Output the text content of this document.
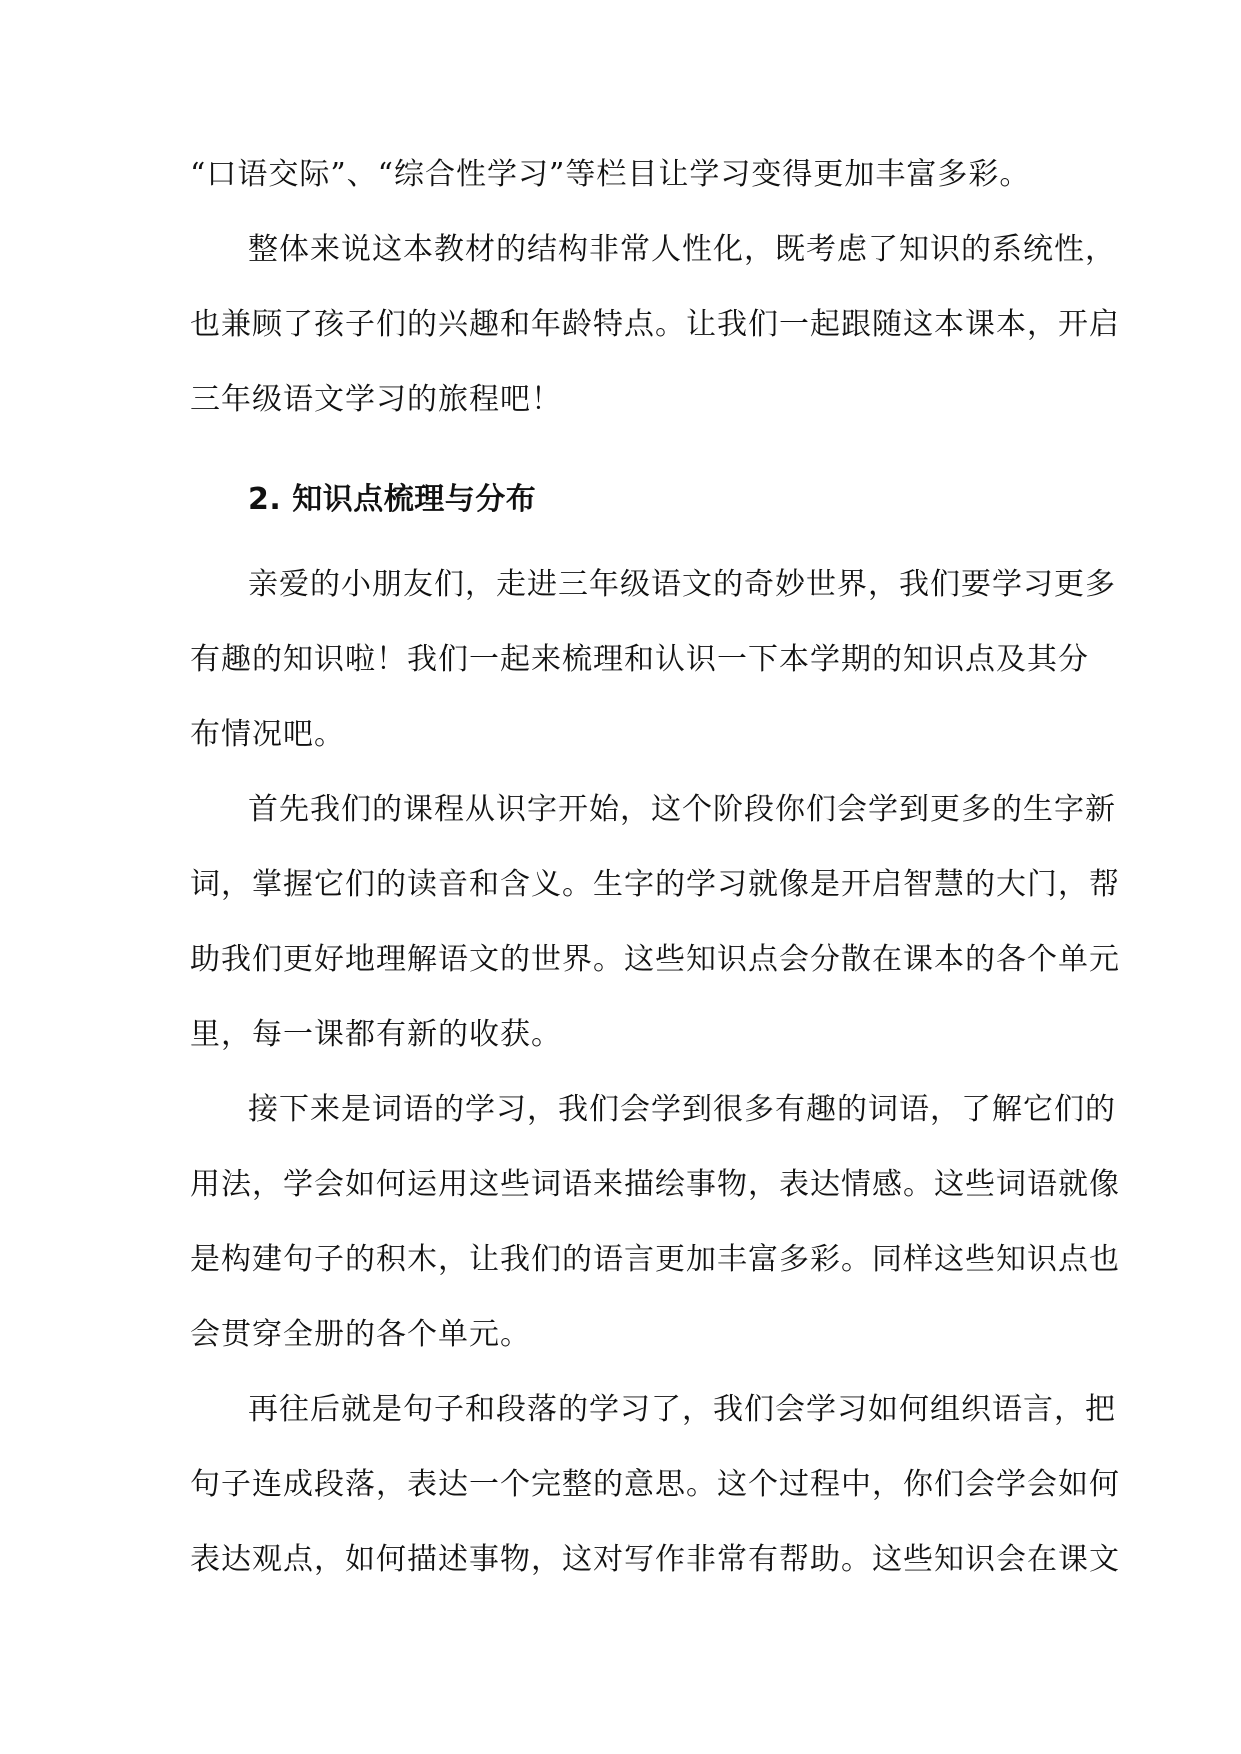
“口语交际”、“综合性学习”等栏目让学习变得更加丰富多彩。
整体来说这本教材的结构非常人性化，既考虑了知识的系统性，
也兼顾了孩子们的兴趣和年龄特点。让我们一起跟随这本课本，开启
三年级语文学习的旅程吧！
2. 知识点梳理与分布
亲爱的小朋友们，走进三年级语文的奇妙世界，我们要学习更多
有趣的知识啦！我们一起来梳理和认识一下本学期的知识点及其分
布情况吧。
首先我们的课程从识字开始，这个阶段你们会学到更多的生字新
词，掌握它们的读音和含义。生字的学习就像是开启智慧的大门，帮
助我们更好地理解语文的世界。这些知识点会分散在课本的各个单元
里，每一课都有新的收获。
接下来是词语的学习，我们会学到很多有趣的词语，了解它们的
用法，学会如何运用这些词语来描绘事物，表达情感。这些词语就像
是构建句子的积木，让我们的语言更加丰富多彩。同样这些知识点也
会贯穿全册的各个单元。
再往后就是句子和段落的学习了，我们会学习如何组织语言，把
句子连成段落，表达一个完整的意思。这个过程中，你们会学会如何
表达观点，如何描述事物，这对写作非常有帮助。这些知识会在课文
